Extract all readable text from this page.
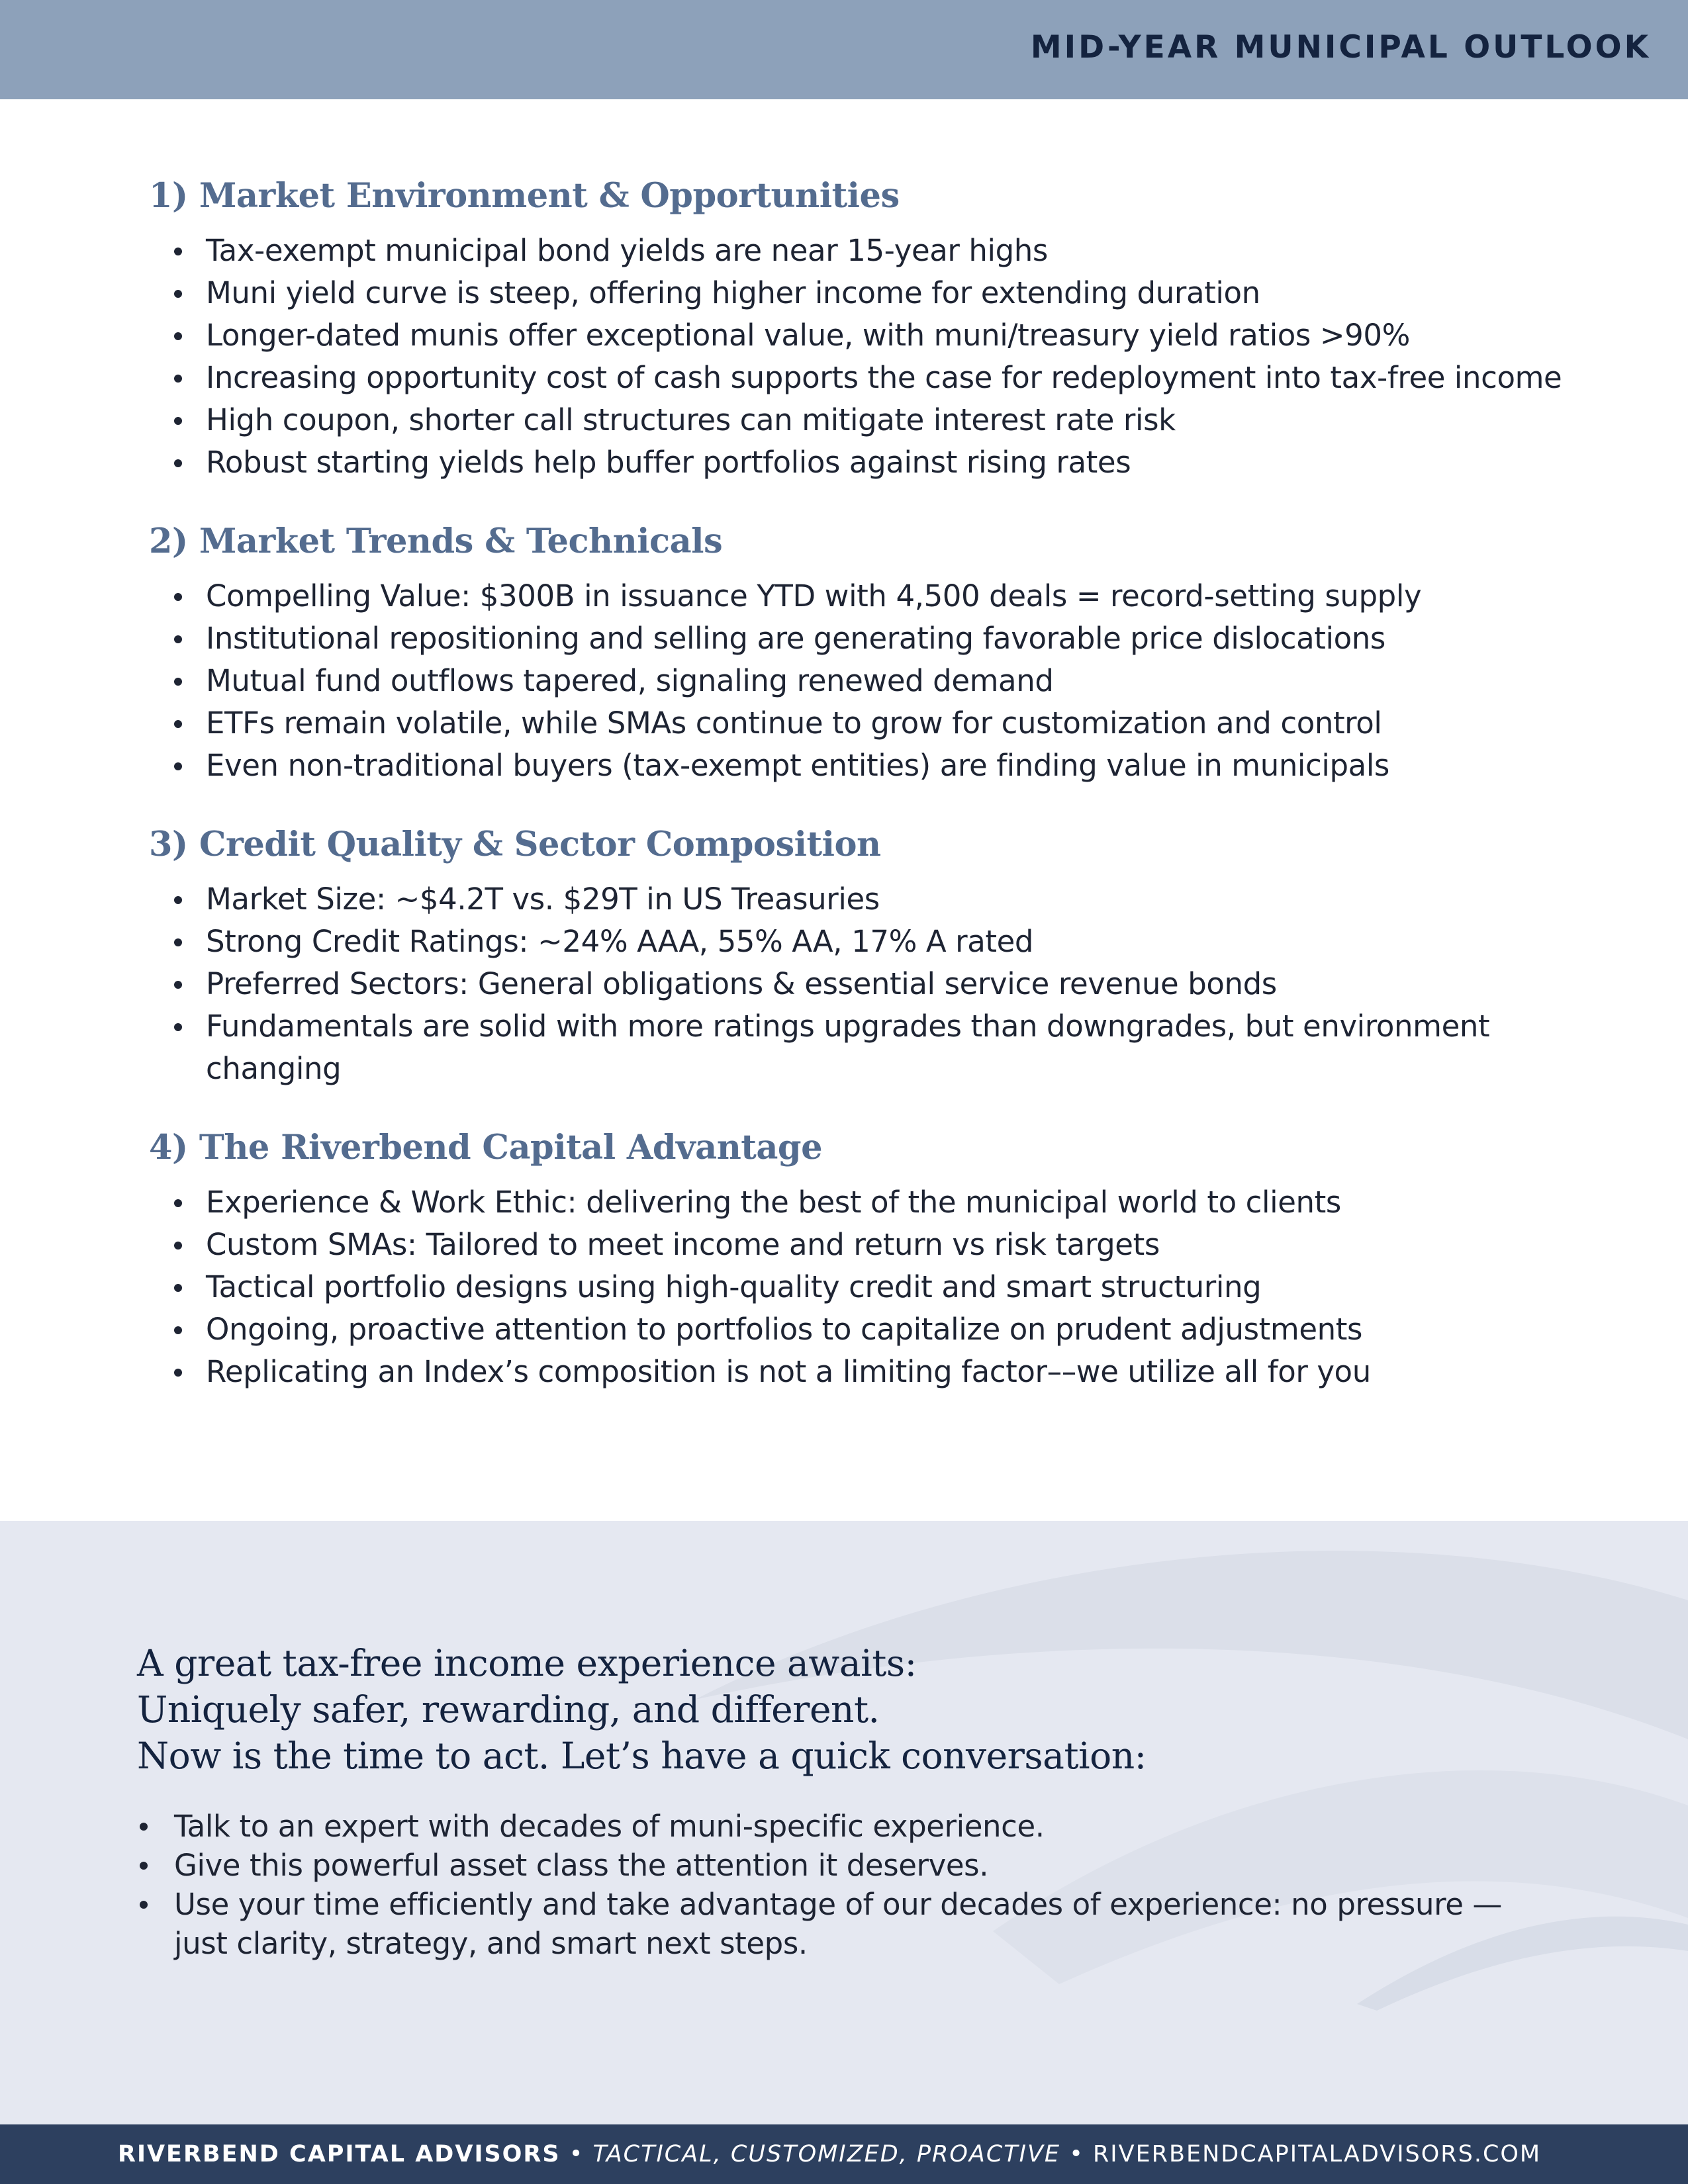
MID-YEAR MUNICIPAL OUTLOOK
1) Market Environment & Opportunities
Tax-exempt municipal bond yields are near 15-year highs
Muni yield curve is steep, offering higher income for extending duration
Longer-dated munis offer exceptional value, with muni/treasury yield ratios >90%
Increasing opportunity cost of cash supports the case for redeployment into tax-free income
High coupon, shorter call structures can mitigate interest rate risk
Robust starting yields help buffer portfolios against rising rates
2) Market Trends & Technicals
Compelling Value: $300B in issuance YTD with 4,500 deals = record-setting supply
Institutional repositioning and selling are generating favorable price dislocations
Mutual fund outflows tapered, signaling renewed demand
ETFs remain volatile, while SMAs continue to grow for customization and control
Even non-traditional buyers (tax-exempt entities) are finding value in municipals
3) Credit Quality & Sector Composition
Market Size: ~$4.2T vs. $29T in US Treasuries
Strong Credit Ratings: ~24% AAA, 55% AA, 17% A rated
Preferred Sectors: General obligations & essential service revenue bonds
Fundamentals are solid with more ratings upgrades than downgrades, but environment changing
4) The Riverbend Capital Advantage
Experience & Work Ethic: delivering the best of the municipal world to clients
Custom SMAs: Tailored to meet income and return vs risk targets
Tactical portfolio designs using high-quality credit and smart structuring
Ongoing, proactive attention to portfolios to capitalize on prudent adjustments
Replicating an Index’s composition is not a limiting factor––we utilize all for you
A great tax-free income experience awaits:
Uniquely safer, rewarding, and different.
Now is the time to act. Let’s have a quick conversation:
Talk to an expert with decades of muni-specific experience.
Give this powerful asset class the attention it deserves.
Use your time efficiently and take advantage of our decades of experience: no pressure — just clarity, strategy, and smart next steps.
RIVERBEND CAPITAL ADVISORS • TACTICAL, CUSTOMIZED, PROACTIVE • RIVERBENDCAPITALADVISORS.COM
